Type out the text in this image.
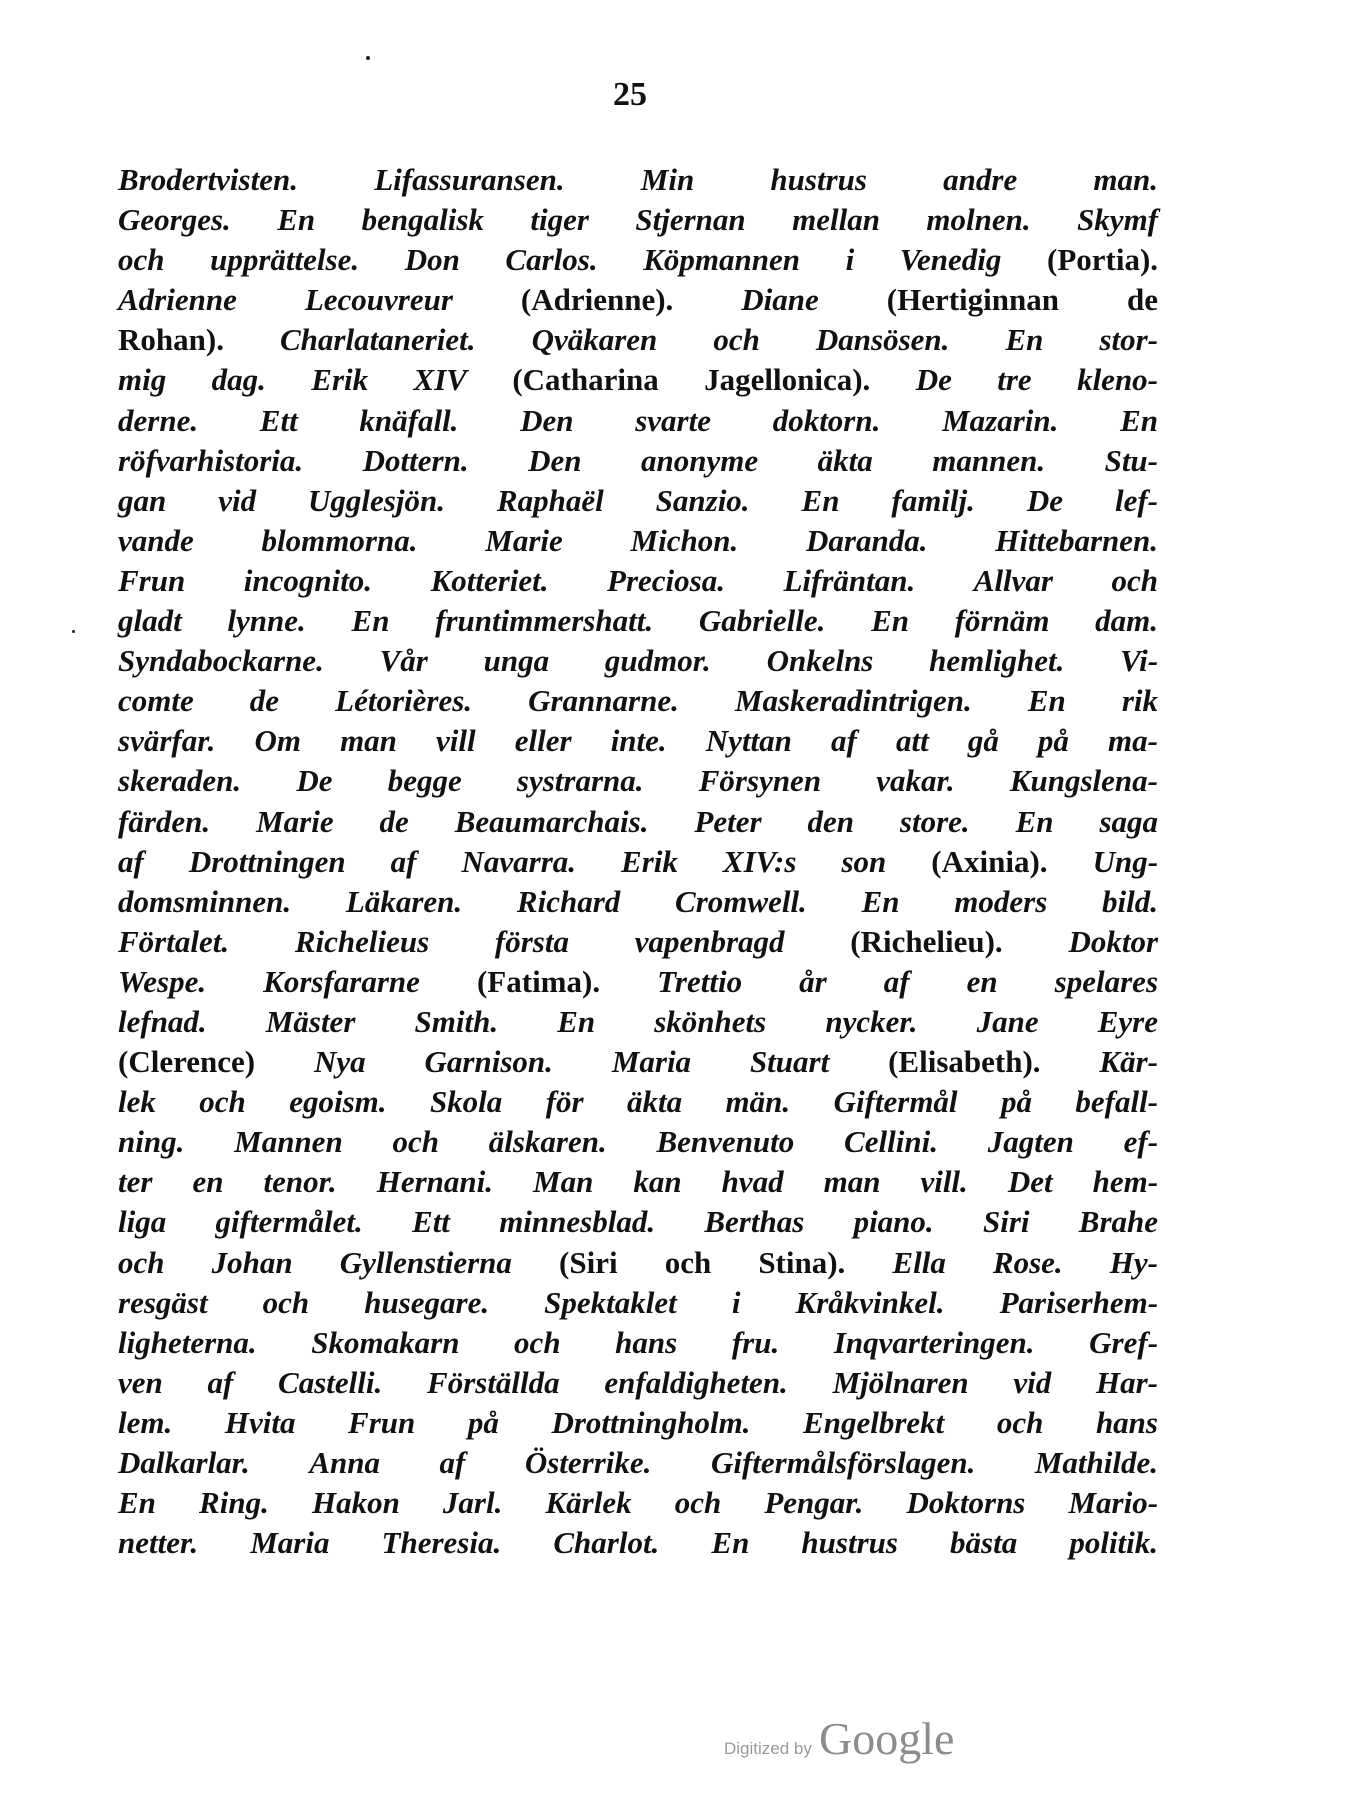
25
Brodertvisten. Lifassuransen. Min hustrus andre man.
Georges. En bengalisk tiger Stjernan mellan molnen. Skymf
och upprättelse. Don Carlos. Köpmannen i Venedig (Portia).
Adrienne Lecouvreur (Adrienne). Diane (Hertiginnan de
Rohan). Charlataneriet. Qväkaren och Dansösen. En stor-
mig dag. Erik XIV (Catharina Jagellonica). De tre kleno-
derne. Ett knäfall. Den svarte doktorn. Mazarin. En
röfvarhistoria. Dottern. Den anonyme äkta mannen. Stu-
gan vid Ugglesjön. Raphaël Sanzio. En familj. De lef-
vande blommorna. Marie Michon. Daranda. Hittebarnen.
Frun incognito. Kotteriet. Preciosa. Lifräntan. Allvar och
gladt lynne. En fruntimmershatt. Gabrielle. En förnäm dam.
Syndabockarne. Vår unga gudmor. Onkelns hemlighet. Vi-
comte de Létorières. Grannarne. Maskeradintrigen. En rik
svärfar. Om man vill eller inte. Nyttan af att gå på ma-
skeraden. De begge systrarna. Försynen vakar. Kungslena-
färden. Marie de Beaumarchais. Peter den store. En saga
af Drottningen af Navarra. Erik XIV:s son (Axinia). Ung-
domsminnen. Läkaren. Richard Cromwell. En moders bild.
Förtalet. Richelieus första vapenbragd (Richelieu). Doktor
Wespe. Korsfararne (Fatima). Trettio år af en spelares
lefnad. Mäster Smith. En skönhets nycker. Jane Eyre
(Clerence) Nya Garnison. Maria Stuart (Elisabeth). Kär-
lek och egoism. Skola för äkta män. Giftermål på befall-
ning. Mannen och älskaren. Benvenuto Cellini. Jagten ef-
ter en tenor. Hernani. Man kan hvad man vill. Det hem-
liga giftermålet. Ett minnesblad. Berthas piano. Siri Brahe
och Johan Gyllenstierna (Siri och Stina). Ella Rose. Hy-
resgäst och husegare. Spektaklet i Kråkvinkel. Pariserhem-
ligheterna. Skomakarn och hans fru. Inqvarteringen. Gref-
ven af Castelli. Förställda enfaldigheten. Mjölnaren vid Har-
lem. Hvita Frun på Drottningholm. Engelbrekt och hans
Dalkarlar. Anna af Österrike. Giftermålsförslagen. Mathilde.
En Ring. Hakon Jarl. Kärlek och Pengar. Doktorns Mario-
netter. Maria Theresia. Charlot. En hustrus bästa politik.
Digitized by Google
